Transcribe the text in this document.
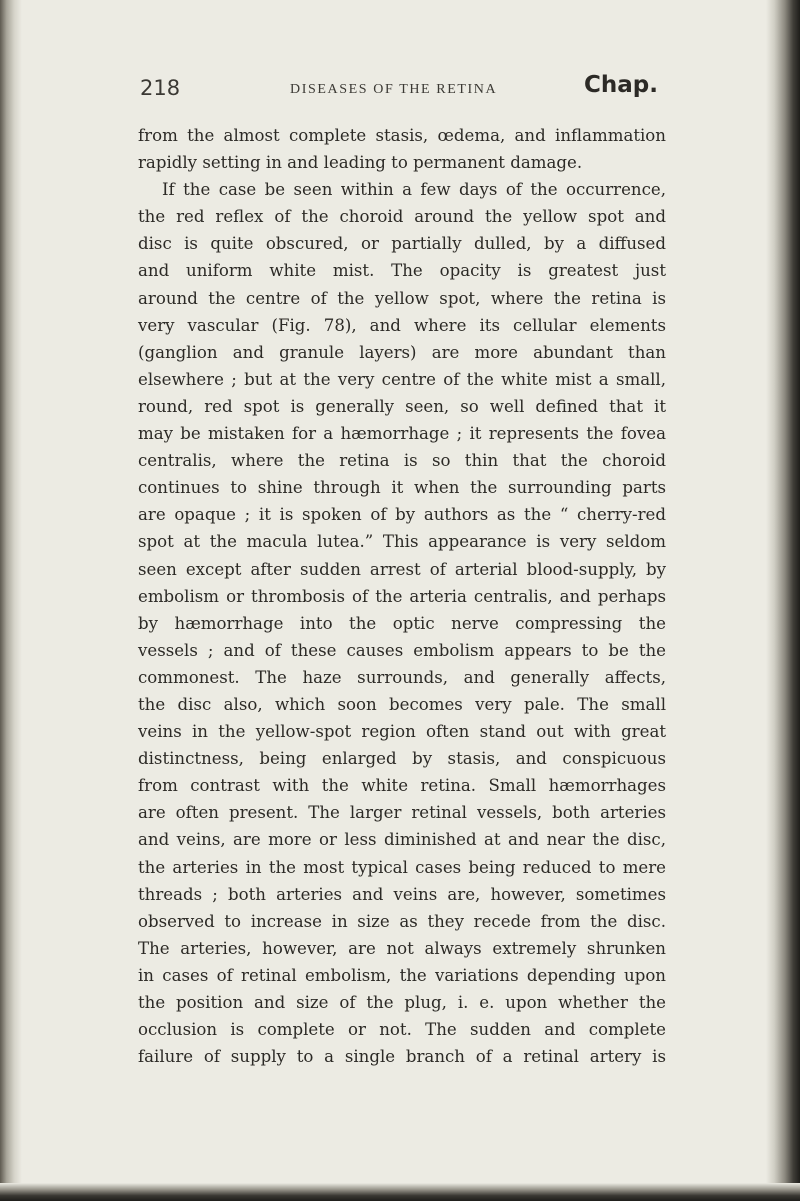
218	DISEASES OF THE RETINA	Chap.
from the almost complete stasis, œdema, and inflammation
rapidly setting in and leading to permanent damage.
If the case be seen within a few days of the occurrence,
the red reflex of the choroid around the yellow spot and
disc is quite obscured, or partially dulled, by a diffused
and uniform white mist. The opacity is greatest just
around the centre of the yellow spot, where the retina is
very vascular (Fig. 78), and where its cellular elements
(ganglion and granule layers) are more abundant than
elsewhere ; but at the very centre of the white mist a small,
round, red spot is generally seen, so well defined that it
may be mistaken for a hæmorrhage ; it represents the fovea
centralis, where the retina is so thin that the choroid
continues to shine through it when the surrounding parts
are opaque ; it is spoken of by authors as the “ cherry-red
spot at the macula lutea.” This appearance is very seldom
seen except after sudden arrest of arterial blood-supply, by
embolism or thrombosis of the arteria centralis, and perhaps
by hæmorrhage into the optic nerve compressing the
vessels ; and of these causes embolism appears to be the
commonest. The haze surrounds, and generally affects,
the disc also, which soon becomes very pale. The small
veins in the yellow-spot region often stand out with great
distinctness, being enlarged by stasis, and conspicuous
from contrast with the white retina. Small hæmorrhages
are often present. The larger retinal vessels, both arteries
and veins, are more or less diminished at and near the disc,
the arteries in the most typical cases being reduced to mere
threads ; both arteries and veins are, however, sometimes
observed to increase in size as they recede from the disc.
The arteries, however, are not always extremely shrunken
in cases of retinal embolism, the variations depending upon
the position and size of the plug, i. e. upon whether the
occlusion is complete or not. The sudden and complete
failure of supply to a single branch of a retinal artery is
